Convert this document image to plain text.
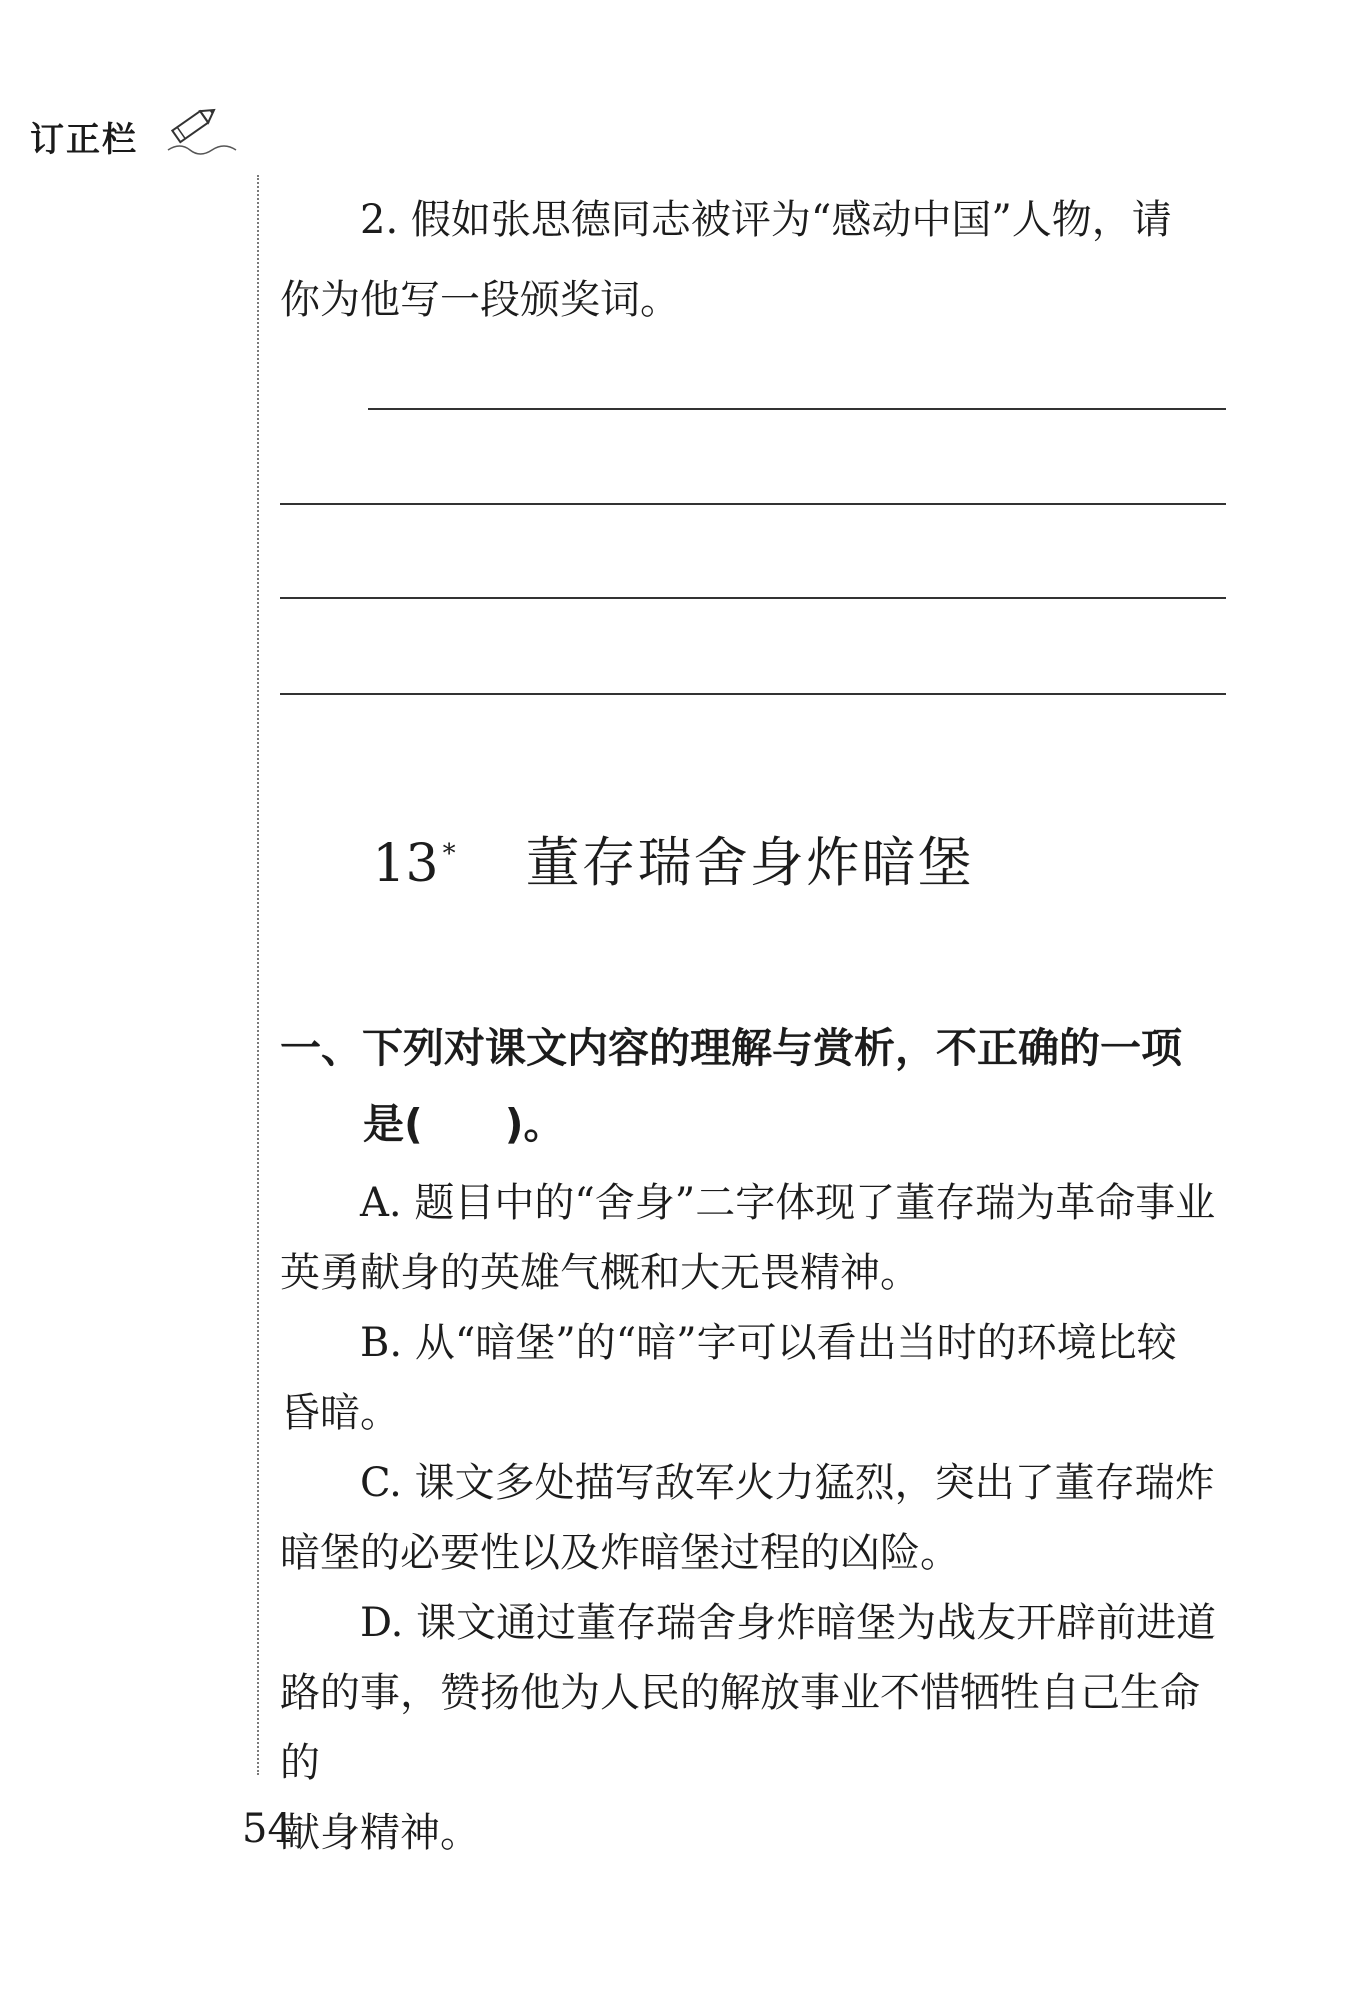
订正栏
2. 假如张思德同志被评为“感动中国”人物，请
你为他写一段颁奖词。
13 * 董存瑞舍身炸暗堡
一、下列对课文内容的理解与赏析，不正确的一项
是(　　)。
A. 题目中的“舍身”二字体现了董存瑞为革命事业
英勇献身的英雄气概和大无畏精神。
B. 从“暗堡”的“暗”字可以看出当时的环境比较
昏暗。
C. 课文多处描写敌军火力猛烈，突出了董存瑞炸
暗堡的必要性以及炸暗堡过程的凶险。
D. 课文通过董存瑞舍身炸暗堡为战友开辟前进道
路的事，赞扬他为人民的解放事业不惜牺牲自己生命的
献身精神。
54
